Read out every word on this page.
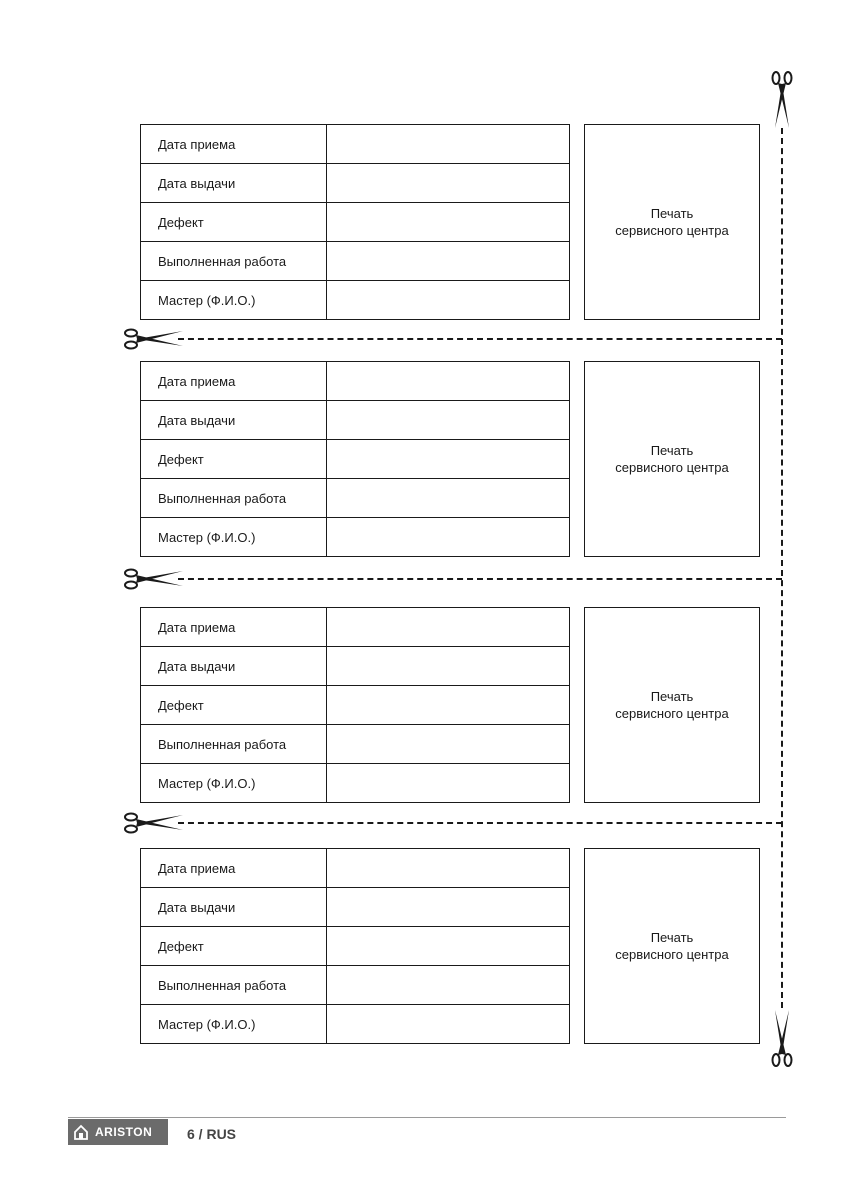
Дата приема	
Дата выдачи	
Дефект	
Выполненная работа	
Мастер (Ф.И.О.)	
Печать
сервисного центра
Дата приема	
Дата выдачи	
Дефект	
Выполненная работа	
Мастер (Ф.И.О.)	
Печать
сервисного центра
Дата приема	
Дата выдачи	
Дефект	
Выполненная работа	
Мастер (Ф.И.О.)	
Печать
сервисного центра
Дата приема	
Дата выдачи	
Дефект	
Выполненная работа	
Мастер (Ф.И.О.)	
Печать
сервисного центра
ARISTON 6 / RUS
